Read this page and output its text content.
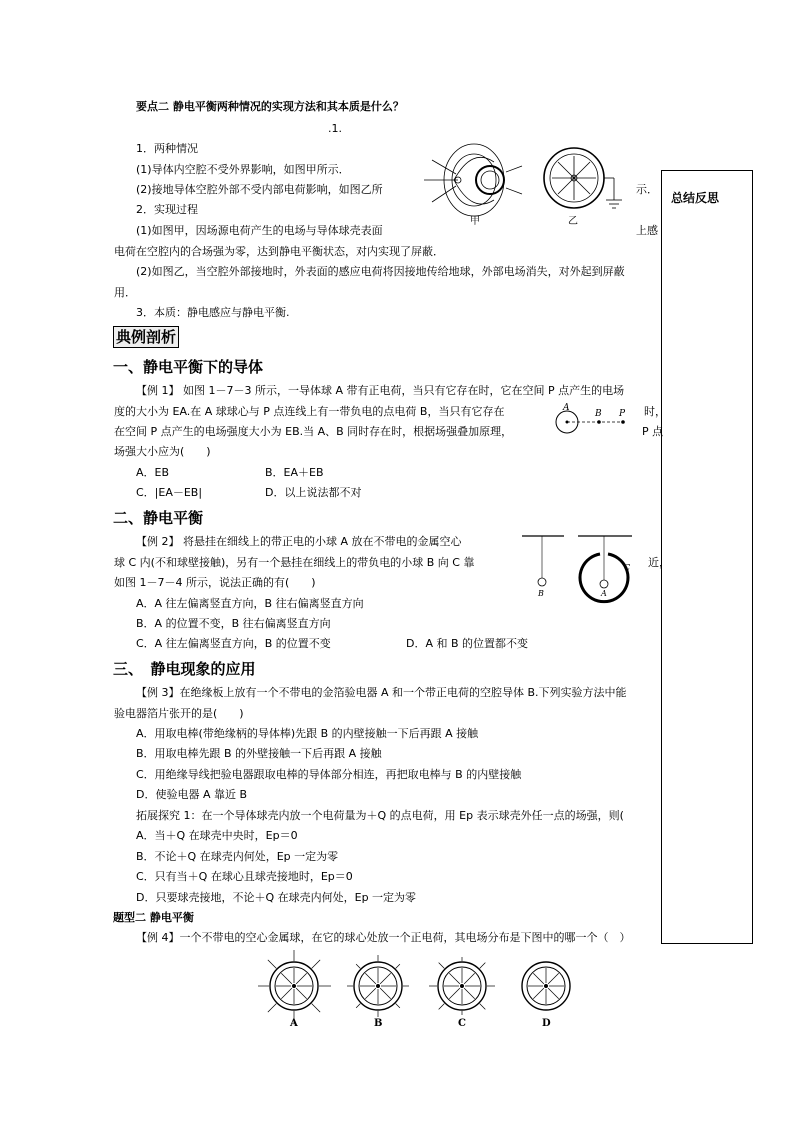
总结反思
要点二 静电平衡两种情况的实现方法和其本质是什么？
.1.
1．两种情况
(1)导体内空腔不受外界影响，如图甲所示．
(2)接地导体空腔外部不受内部电荷影响，如图乙所	示．
2．实现过程
(1)如图甲，因场源电荷产生的电场与导体球壳表面	上感
电荷在空腔内的合场强为零，达到静电平衡状态，对内实现了屏蔽．
(2)如图乙，当空腔外部接地时，外表面的感应电荷将因接地传给地球，外部电场消失，对外起到屏蔽
用．
3．本质：静电感应与静电平衡.
甲	乙
典例剖析
一、静电平衡下的导体
【例 1】 如图 1－7－3 所示，一导体球 A 带有正电荷，当只有它存在时，它在空间 P 点产生的电场
度的大小为 EA.在 A 球球心与 P 点连线上有一带负电的点电荷 B，当只有它存在	时，
在空间 P 点产生的电场强度大小为 EB.当 A、B 同时存在时，根据场强叠加原理，	P 点
场强大小应为(　　)
A
B P
A．EB	B．EA＋EB
C．|EA－EB|	D．以上说法都不对
二、静电平衡
【例 2】 将悬挂在细线上的带正电的小球 A 放在不带电的金属空心
球 C 内(不和球壁接触)，另有一个悬挂在细线上的带负电的小球 B 向 C 靠	近，
如图 1－7－4 所示，说法正确的有(　　)
B	A
C
A．A 往左偏离竖直方向，B 往右偏离竖直方向
B．A 的位置不变，B 往右偏离竖直方向
C．A 往左偏离竖直方向，B 的位置不变	D．A 和 B 的位置都不变
三、　静电现象的应用
【例 3】在绝缘板上放有一个不带电的金箔验电器 A 和一个带正电荷的空腔导体 B.下列实验方法中能
验电器箔片张开的是(　　)
A．用取电棒(带绝缘柄的导体棒)先跟 B 的内壁接触一下后再跟 A 接触
B．用取电棒先跟 B 的外壁接触一下后再跟 A 接触
C．用绝缘导线把验电器跟取电棒的导体部分相连，再把取电棒与 B 的内壁接触
D．使验电器 A 靠近 B
拓展探究 1：在一个导体球壳内放一个电荷量为＋Q 的点电荷，用 Ep 表示球壳外任一点的场强，则(
A．当＋Q 在球壳中央时，Ep＝0
B．不论＋Q 在球壳内何处，Ep 一定为零
C．只有当＋Q 在球心且球壳接地时，Ep＝0
D．只要球壳接地，不论＋Q 在球壳内何处，Ep 一定为零
题型二 静电平衡
【例 4】一个不带电的空心金属球，在它的球心处放一个正电荷，其电场分布是下图中的哪一个（　）
A	B	C	D
